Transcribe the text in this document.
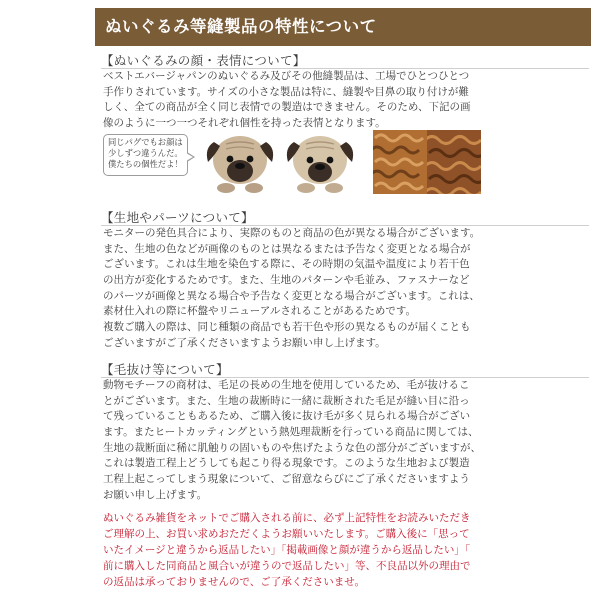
ぬいぐるみ等縫製品の特性について
【ぬいぐるみの顔・表情について】
ベストエバージャパンのぬいぐるみ及びその他縫製品は、工場でひとつひとつ
手作りされています。サイズの小さな製品は特に、縫製や目鼻の取り付けが難
しく、全ての商品が全く同じ表情での製造はできません。そのため、下記の画
像のように一つ一つそれぞれ個性を持った表情となります。
同じパグでもお顔は
少しずつ違うんだ。
僕たちの個性だよ！
【生地やパーツについて】
モニターの発色具合により、実際のものと商品の色が異なる場合がございます。
また、生地の色などが画像のものとは異なるまたは予告なく変更となる場合が
ございます。これは生地を染色する際に、その時期の気温や温度により若干色
の出方が変化するためです。また、生地のパターンや毛並み、ファスナーなど
のパーツが画像と異なる場合や予告なく変更となる場合がございます。これは、
素材仕入れの際に杯盤やリニューアルされることがあるためです。
複数ご購入の際は、同じ種類の商品でも若干色や形の異なるものが届くことも
ございますがご了承くださいますようお願い申し上げます。
【毛抜け等について】
動物モチーフの商材は、毛足の長めの生地を使用しているため、毛が抜けるこ
とがございます。また、生地の裁断時に一緒に裁断された毛足が縫い目に沿っ
て残っていることもあるため、ご購入後に抜け毛が多く見られる場合がござい
ます。またヒートカッティングという熱処理裁断を行っている商品に関しては、
生地の裁断面に稀に肌触りの固いものや焦げたような色の部分がございますが、
これは製造工程上どうしても起こり得る現象です。このような生地および製造
工程上起こってしまう現象について、ご留意ならびにご了承くださいますよう
お願い申し上げます。
ぬいぐるみ雑貨をネットでご購入される前に、必ず上記特性をお読みいただき
ご理解の上、お買い求めおただくようお願いいたします。ご購入後に「思って
いたイメージと違うから返品したい」「掲載画像と顔が違うから返品したい」「
前に購入した同商品と風合いが違うので返品したい」等、不良品以外の理由で
の返品は承っておりませんので、ご了承くださいませ。
